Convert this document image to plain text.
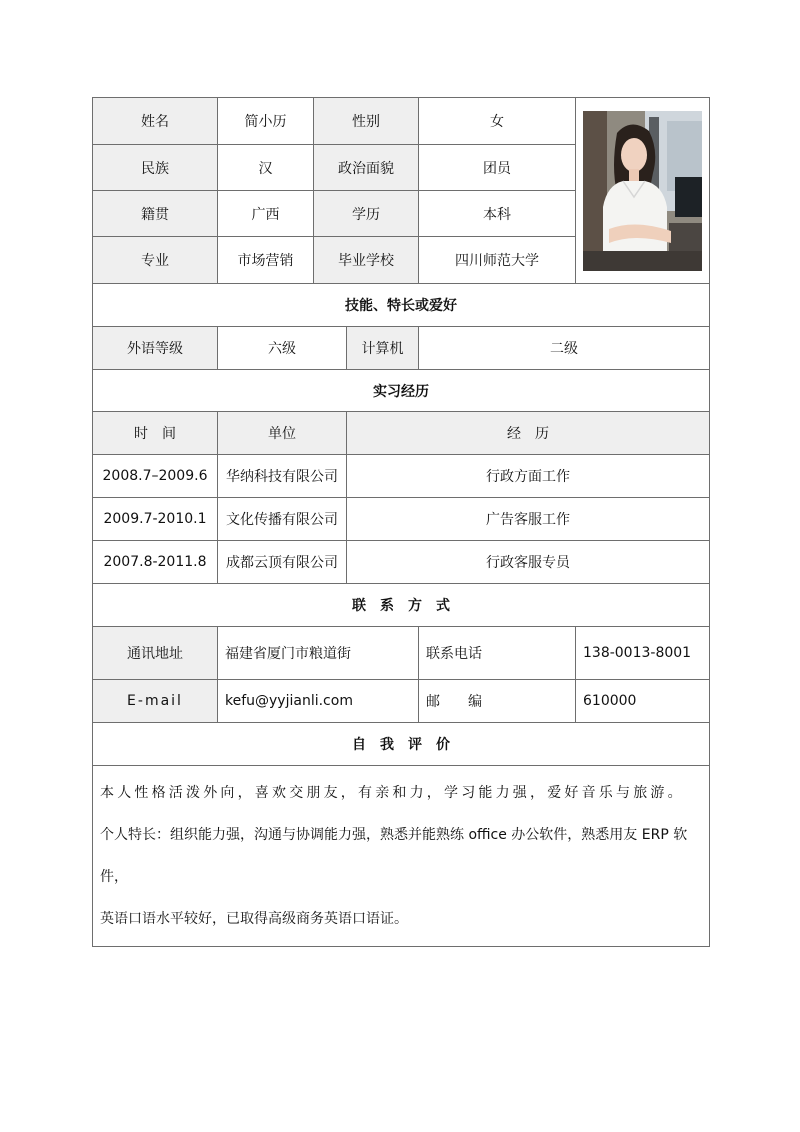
姓名	简小历	性别		女	

民族	汉	政治面貌		团员	
籍贯	广西	学历		本科	
专业	市场营销	毕业学校		四川师范大学	
技能、特长或爱好					
外语等级	六级		计算机	二级	
实习经历					
时　间	单位		经　历		
2008.7–2009.6	华纳科技有限公司		行政方面工作		
2009.7-2010.1	文化传播有限公司		广告客服工作		
2007.8-2011.8	成都云顶有限公司		行政客服专员		
联　系　方　式					
通讯地址	福建省厦门市粮道街			联系电话	138-0013-8001
E-mail	kefu@yyjianli.com			邮　　编	610000
自　我　评　价					

本人性格活泼外向，喜欢交朋友，有亲和力，学习能力强，爱好音乐与旅游。

个人特长：组织能力强，沟通与协调能力强，熟悉并能熟练 office 办公软件，熟悉用友 ERP 软件，

英语口语水平较好，已取得高级商务英语口语证。					
